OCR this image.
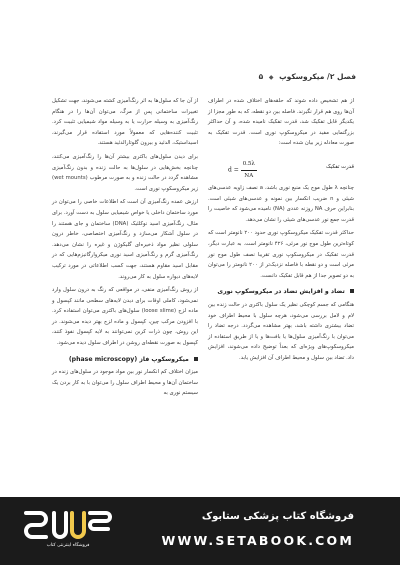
فصل ۲/ میکروسکوپ ◆ ۵

از هم تشخیص داده شوند که حلقه‌های اختلاف شده در اطراف آن‌ها روی هم قرار نگیرند. فاصله بین دو نقطه، که به طور مجزا از یکدیگر قابل تفکیک شد، قدرت تفکیک نامیده شده، و آن حداکثر بزرگنمایی مفید در میکروسکوپ نوری است. قدرت تفکیک به صورت معادله زیر بیان شده است:

$d = \frac{0.5\lambda}{NA}$	قدرت تفکیک

چنانچه λ طول موج یک منبع نوری باشد، a نصف زاویه عدسی‌های شیئی و n ضریب انکسار بین نمونه و عدسی‌های شیئی است. بنابراین حرف NA روزنه عددی (NA) نامیده می‌شود که خاصیت را قدرت جمع نور عدسی‌های شیئی را نشان می‌دهد.

حداکثر قدرت تفکیک میکروسکوپ نوری حدود ۲۰۰ نانومتر است که کوتاه‌ترین طول موج نور مرئی، ۴۲۶ نانومتر است. به عبارت دیگر، قدرت تفکیک در میکروسکوپ نوری تقریبا نصف طول موج نور مرئی است و دو نقطه با فاصله نزدیک‌تر از ۲۰۰ نانومتر را می‌توان به دو تصویر جدا از هم قابل تفکیک دانست.

تضاد و افزایش تضاد در میکروسکوپ نوری

هنگامی که جسم کوچکی نظیر یک سلول باکتری در حالت زنده بین لام و لامل بررسی می‌شود، هرچه سلول با محیط اطراف خود تضاد بیشتری داشته باشد، بهتر مشاهده می‌گردد. درجه تضاد را می‌توان با رنگ‌آمیزی سلول‌ها یا بافت‌ها و یا از طریق استفاده از میکروسکوپ‌های ویژه‌ای که بعداً توضیح داده می‌شوند، افزایش داد. تضاد بین سلول و محیط اطراف آن افزایش یابد.

از آن جا که سلول‌ها به اثر رنگ‌آمیزی کشته می‌شوند، جهت تشکیل تغییرات ساختمانی پس از مرگ، می‌توان آن‌ها را در هنگام رنگ‌آمیزی به وسیله حرارت یا به وسیله مواد شیمیایی تثبیت کرد. تثبیت کننده‌هایی که معمولاً مورد استفاده قرار می‌گیرند، اسیداستیک، الدئید و بیرون گلوتارالدئید هستند.

برای دیدن سلول‌های باکتری بیشتر آن‌ها را رنگ‌آمیزی می‌کنند، چنانچه بخش‌هایی در سلول‌ها به حالت زنده و بدون رنگ‌آمیزی مشاهده گردد در حالت زنده و به صورت مرطوب (wet mounts) زیر میکروسکوپ نوری است.

ارزش عمده رنگ‌آمیزی آن است که اطلاعات خاصی را می‌توان در مورد ساختمان داخلی یا خواص شیمیایی سلول به دست آورد. برای مثال، رنگ‌آمیزی اسید نوکلئیک (DNA) ساختمان و جای هستند را در سلول آشکار می‌سازد و رنگ‌آمیزی اختصاصی، خاطر درون سلولی نظیر مواد ذخیره‌ای گلیکوژن و غیره را نشان می‌دهد. رنگ‌آمیزی گرم و رنگ‌آمیزی اسید نوری میکروارگانیزم‌هایی که در مقابل اسید مقاوم هستند، جهت کسب اطلاعاتی در مورد ترکیب لایه‌های دیواره سلول به کار می‌روند.

از روش رنگ‌آمیزی منفی، در مواقعی که رنگ به درون سلول وارد نمی‌شود، کاملی اوقات برای دیدن لایه‌های سطحی مانند کپسول و ماده لزج (loose slime) سلول‌های باکتری می‌توان استفاده کرد. با افزودن مرکب چین، کپسول و ماده لزج بهتر دیده می‌شوند. در این روش، چون ذرات کربن نمی‌توانند به لایه کپسول نفوذ کنند، کپسول به صورت نقطه‌ای روشن در اطراف سلول دیده می‌شود.

میکروسکوپ فاز (phase microscopy)

میزان اختلاف کم انکسار نور بین مواد موجود در سلول‌های زنده در ساختمان آن‌ها و محیط اطراف سلول را می‌توان با به کار بردن یک سیستم نوری به

فروشگاه اینترنتی کتاب
فروشگاه کتاب پزشکی ستابوک
WWW.SETABOOK.COM
